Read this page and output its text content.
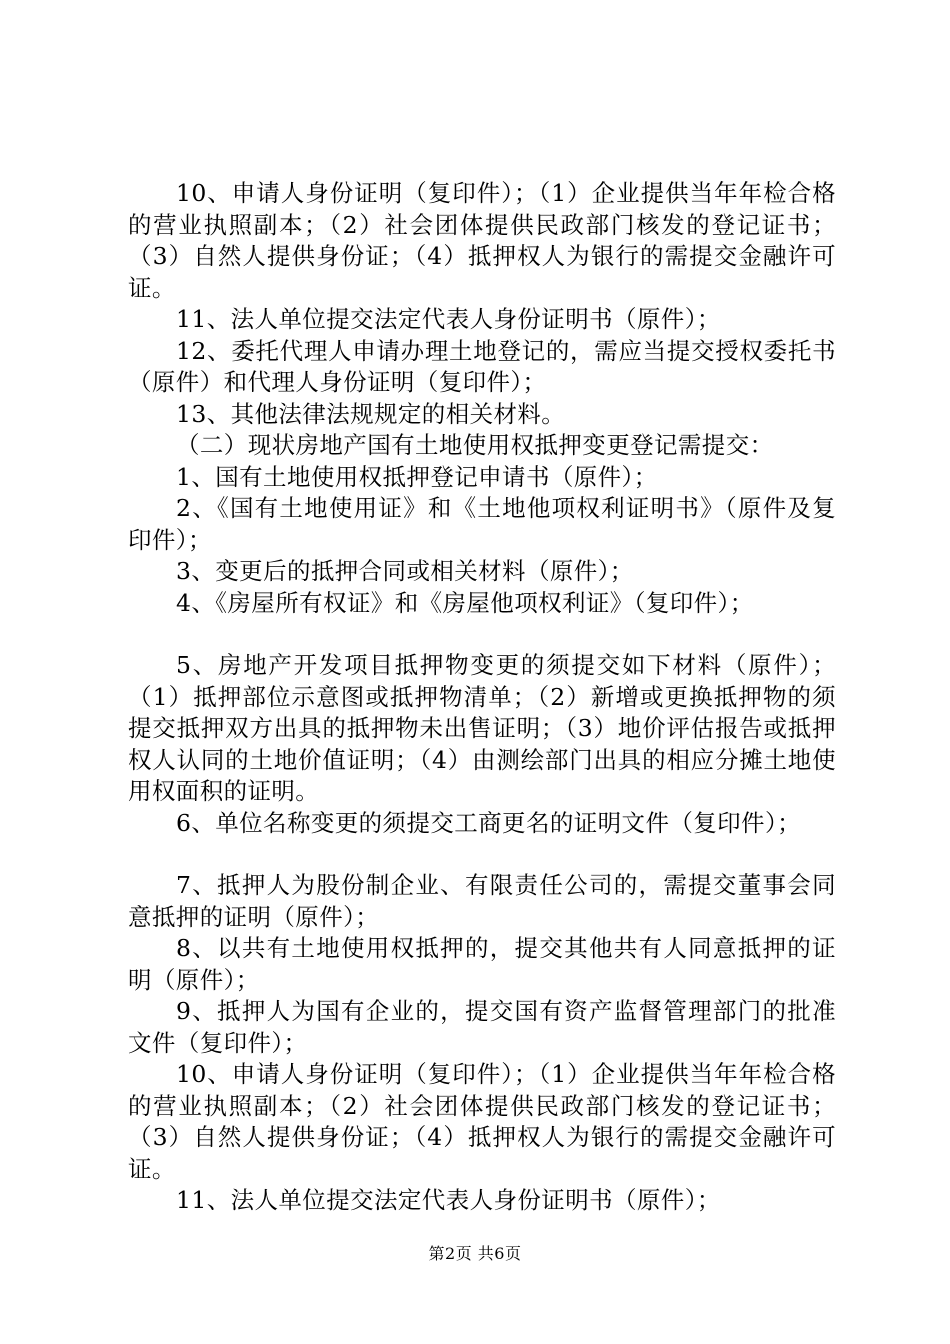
10、申请人身份证明（复印件）；（1）企业提供当年年检合格的营业执照副本；（2）社会团体提供民政部门核发的登记证书；（3）自然人提供身份证；（4）抵押权人为银行的需提交金融许可证。

11、法人单位提交法定代表人身份证明书（原件）；

12、委托代理人申请办理土地登记的，需应当提交授权委托书（原件）和代理人身份证明（复印件）；

13、其他法律法规规定的相关材料。

（二）现状房地产国有土地使用权抵押变更登记需提交：

1、国有土地使用权抵押登记申请书（原件）；

2、《国有土地使用证》和《土地他项权利证明书》（原件及复印件）；

3、变更后的抵押合同或相关材料（原件）；

4、《房屋所有权证》和《房屋他项权利证》（复印件）；

5、房地产开发项目抵押物变更的须提交如下材料（原件）；（1）抵押部位示意图或抵押物清单；（2）新增或更换抵押物的须提交抵押双方出具的抵押物未出售证明；（3）地价评估报告或抵押权人认同的土地价值证明；（4）由测绘部门出具的相应分摊土地使用权面积的证明。

6、单位名称变更的须提交工商更名的证明文件（复印件）；

7、抵押人为股份制企业、有限责任公司的，需提交董事会同意抵押的证明（原件）；

8、以共有土地使用权抵押的，提交其他共有人同意抵押的证明（原件）；

9、抵押人为国有企业的，提交国有资产监督管理部门的批准文件（复印件）；

10、申请人身份证明（复印件）；（1）企业提供当年年检合格的营业执照副本；（2）社会团体提供民政部门核发的登记证书；（3）自然人提供身份证；（4）抵押权人为银行的需提交金融许可证。

11、法人单位提交法定代表人身份证明书（原件）；

第2页 共6页
